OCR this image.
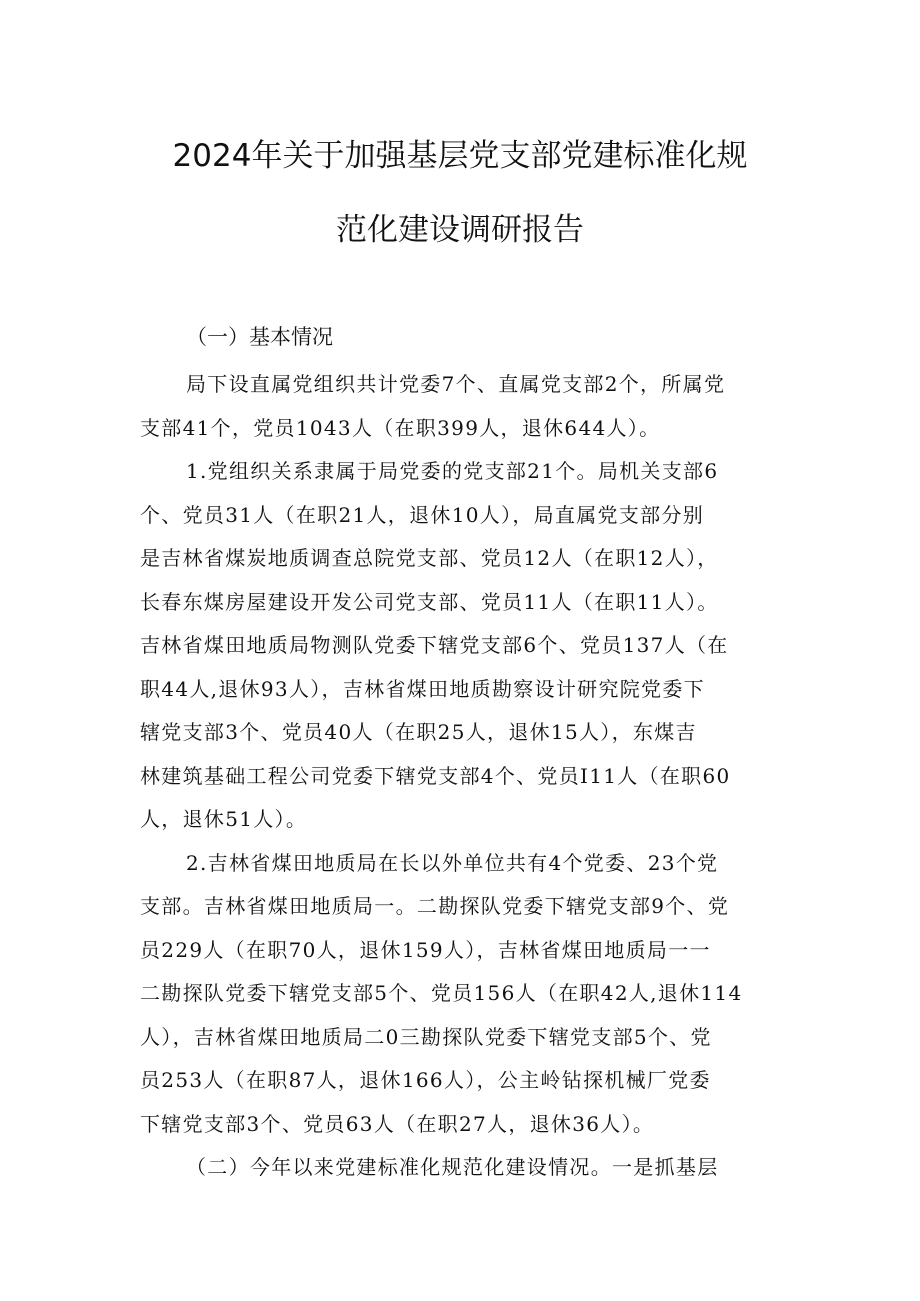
2024年关于加强基层党支部党建标准化规
范化建设调研报告
（一）基本情况
局下设直属党组织共计党委7个、直属党支部2个，所属党
支部41个，党员1043人（在职399人，退休644人）。
1.党组织关系隶属于局党委的党支部21个。局机关支部6
个、党员31人（在职21人，退休10人），局直属党支部分别
是吉林省煤炭地质调查总院党支部、党员12人（在职12人），
长春东煤房屋建设开发公司党支部、党员11人（在职11人）。
吉林省煤田地质局物测队党委下辖党支部6个、党员137人（在
职44人,退休93人），吉林省煤田地质勘察设计研究院党委下
辖党支部3个、党员40人（在职25人，退休15人），东煤吉
林建筑基础工程公司党委下辖党支部4个、党员I11人（在职60
人，退休51人）。
2.吉林省煤田地质局在长以外单位共有4个党委、23个党
支部。吉林省煤田地质局一。二勘探队党委下辖党支部9个、党
员229人（在职70人，退休159人），吉林省煤田地质局一一
二勘探队党委下辖党支部5个、党员156人（在职42人,退休114
人），吉林省煤田地质局二0三勘探队党委下辖党支部5个、党
员253人（在职87人，退休166人），公主岭钻探机械厂党委
下辖党支部3个、党员63人（在职27人，退休36人）。
（二）今年以来党建标准化规范化建设情况。一是抓基层
